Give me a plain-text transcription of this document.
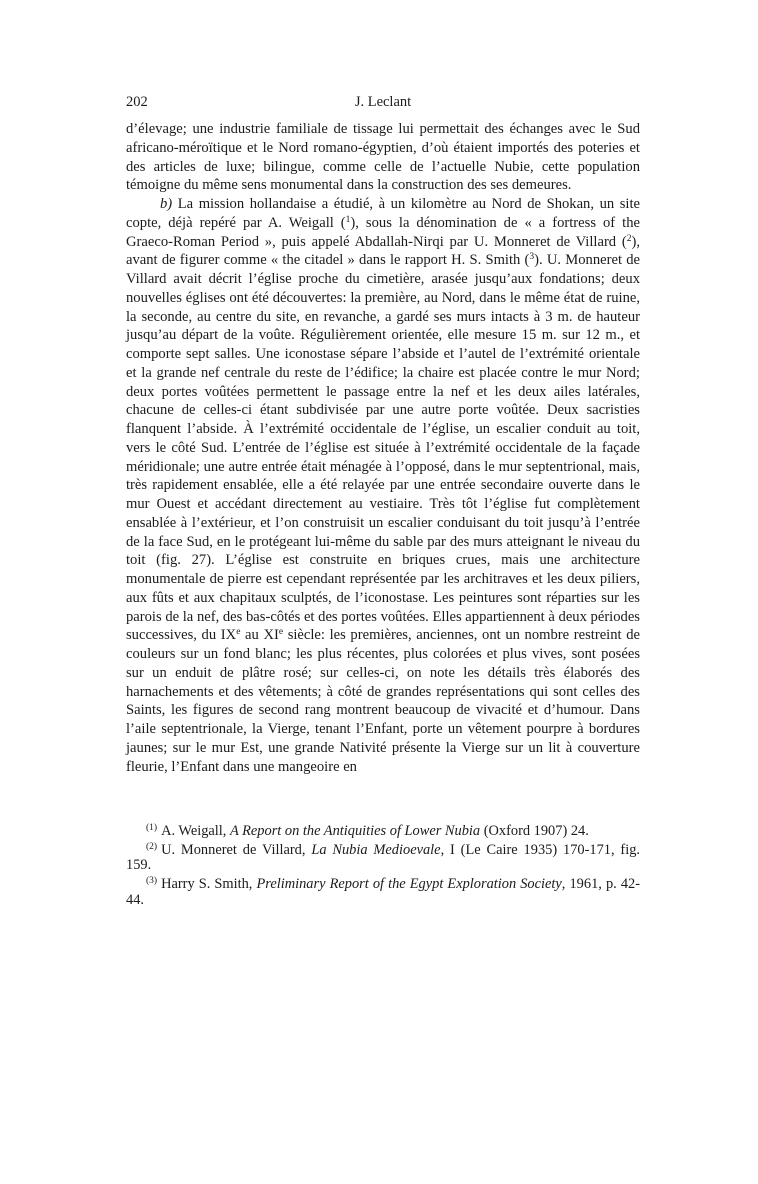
202	J. Leclant

d’élevage; une industrie familiale de tissage lui permettait des échanges avec le Sud africano-méroïtique et le Nord romano-égyptien, d’où étaient importés des poteries et des articles de luxe; bilingue, comme celle de l’actuelle Nubie, cette population témoigne du même sens monumental dans la construction des ses demeures.

b) La mission hollandaise a étudié, à un kilomètre au Nord de Shokan, un site copte, déjà repéré par A. Weigall ($^1$), sous la dénomination de « a fortress of the Graeco-Roman Period », puis appelé Abdallah-Nirqi par U. Monneret de Villard ($^2$), avant de figurer comme « the citadel » dans le rapport H. S. Smith ($^3$). U. Monneret de Villard avait décrit l’église proche du cimetière, arasée jusqu’aux fondations; deux nouvelles églises ont été découvertes: la première, au Nord, dans le même état de ruine, la seconde, au centre du site, en revanche, a gardé ses murs intacts à 3 m. de hauteur jusqu’au départ de la voûte. Régulièrement orientée, elle mesure 15 m. sur 12 m., et comporte sept salles. Une iconostase sépare l’abside et l’autel de l’extrémité orientale et la grande nef centrale du reste de l’édifice; la chaire est placée contre le mur Nord; deux portes voûtées permettent le passage entre la nef et les deux ailes latérales, chacune de celles-ci étant subdivisée par une autre porte voûtée. Deux sacristies flanquent l’abside. À l’extrémité occidentale de l’église, un escalier conduit au toit, vers le côté Sud. L’entrée de l’église est située à l’extrémité occidentale de la façade méridionale; une autre entrée était ménagée à l’opposé, dans le mur septentrional, mais, très rapidement ensablée, elle a été relayée par une entrée secondaire ouverte dans le mur Ouest et accédant directement au vestiaire. Très tôt l’église fut complètement ensablée à l’extérieur, et l’on construisit un escalier conduisant du toit jusqu’à l’entrée de la face Sud, en le protégeant lui-même du sable par des murs atteignant le niveau du toit (fig. 27). L’église est construite en briques crues, mais une architecture monumentale de pierre est cependant représentée par les architraves et les deux piliers, aux fûts et aux chapitaux sculptés, de l’iconostase. Les peintures sont réparties sur les parois de la nef, des bas-côtés et des portes voûtées. Elles appartiennent à deux périodes successives, du IXe au XIe siècle: les premières, anciennes, ont un nombre restreint de couleurs sur un fond blanc; les plus récentes, plus colorées et plus vives, sont posées sur un enduit de plâtre rosé; sur celles-ci, on note les détails très élaborés des harnachements et des vêtements; à côté de grandes représentations qui sont celles des Saints, les figures de second rang montrent beaucoup de vivacité et d’humour. Dans l’aile septentrionale, la Vierge, tenant l’Enfant, porte un vêtement pourpre à bordures jaunes; sur le mur Est, une grande Nativité présente la Vierge sur un lit à couverture fleurie, l’Enfant dans une mangeoire en

$^{(1)}$ A. Weigall, A Report on the Antiquities of Lower Nubia (Oxford 1907) 24.

$^{(2)}$ U. Monneret de Villard, La Nubia Medioevale, I (Le Caire 1935) 170-171, fig. 159.

$^{(3)}$ Harry S. Smith, Preliminary Report of the Egypt Exploration Society, 1961, p. 42-44.
